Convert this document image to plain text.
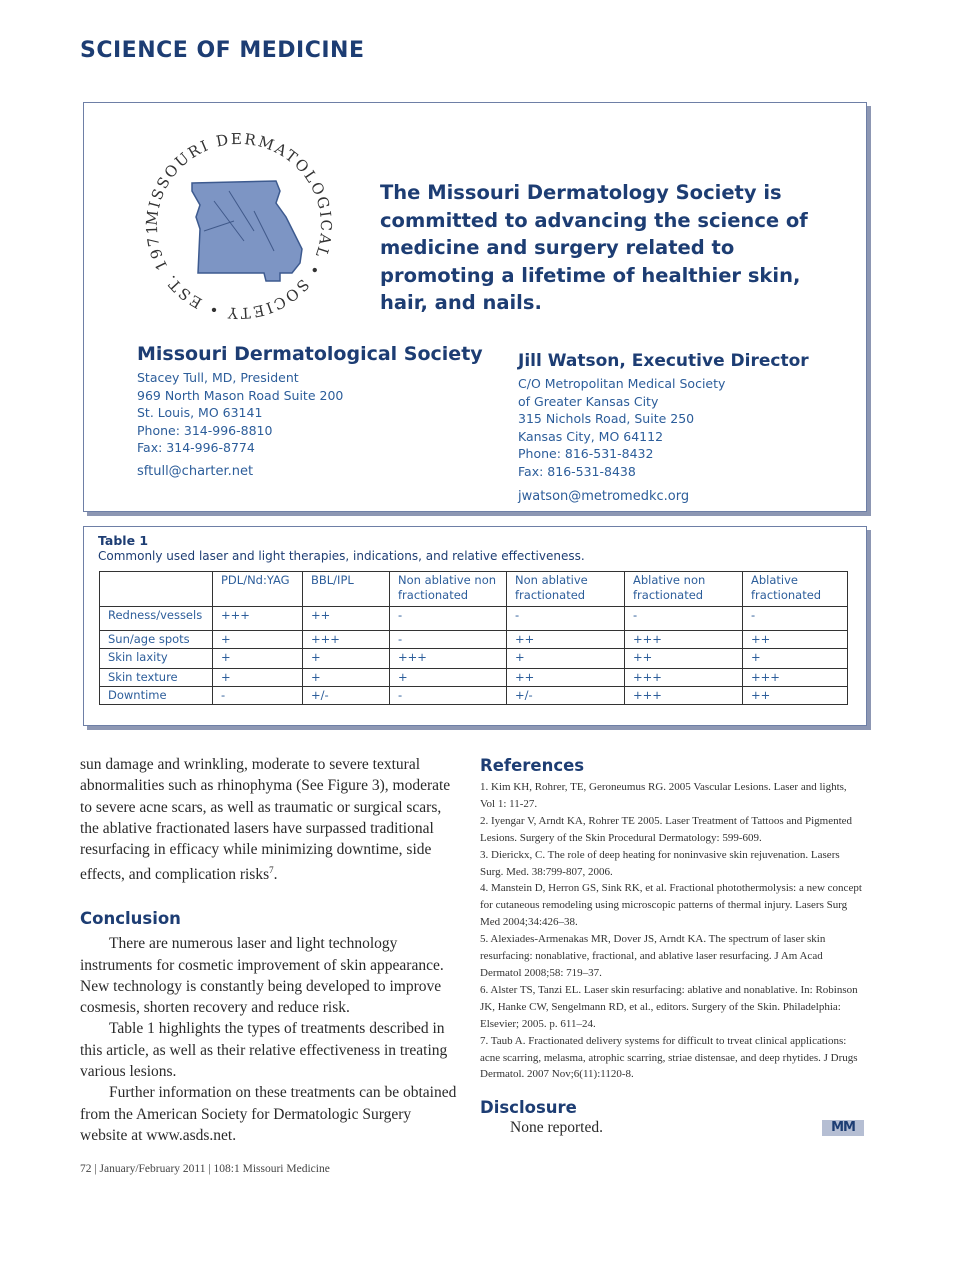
SCIENCE OF MEDICINE
MISSOURI DERMATOLOGICAL • SOCIETY • EST. 1971
The Missouri Dermatology Society is committed to advancing the science of medicine and surgery related to promoting a lifetime of healthier skin, hair, and nails.
Missouri Dermatological Society
Stacey Tull, MD, President
969 North Mason Road Suite 200
St. Louis, MO 63141
Phone: 314-996-8810
Fax: 314-996-8774
sftull@charter.net
Jill Watson, Executive Director
C/O Metropolitan Medical Society
of Greater Kansas City
315 Nichols Road, Suite 250
Kansas City, MO 64112
Phone: 816-531-8432
Fax: 816-531-8438
jwatson@metromedkc.org
Table 1
Commonly used laser and light therapies, indications, and relative effectiveness.
	PDL/Nd:YAG	BBL/IPL	Non ablative non fractionated	Non ablative fractionated	Ablative non fractionated	Ablative fractionated
Redness/vessels	+++	++	-	-	-	-
Sun/age spots	+	+++	-	++	+++	++
Skin laxity	+	+	+++	+	++	+
Skin texture	+	+	+	++	+++	+++
Downtime	-	+/-	-	+/-	+++	++

sun damage and wrinkling, moderate to severe textural abnormalities such as rhinophyma (See Figure 3), moderate to severe acne scars, as well as traumatic or surgical scars, the ablative fractionated lasers have surpassed traditional resurfacing in efficacy while minimizing downtime, side effects, and complication risks$^7$.

Conclusion

There are numerous laser and light technology instruments for cosmetic improvement of skin appearance. New technology is constantly being developed to improve cosmesis, shorten recovery and reduce risk.

Table 1 highlights the types of treatments described in this article, as well as their relative effectiveness in treating various lesions.

Further information on these treatments can be obtained from the American Society for Dermatologic Surgery website at www.asds.net.

References
1. Kim KH, Rohrer, TE, Geroneumus RG. 2005 Vascular Lesions. Laser and lights, Vol 1: 11-27.
2. Iyengar V, Arndt KA, Rohrer TE 2005. Laser Treatment of Tattoos and Pigmented Lesions. Surgery of the Skin Procedural Dermatology: 599-609.
3. Dierickx, C. The role of deep heating for noninvasive skin rejuvenation. Lasers Surg. Med. 38:799-807, 2006.
4. Manstein D, Herron GS, Sink RK, et al. Fractional photothermolysis: a new concept for cutaneous remodeling using microscopic patterns of thermal injury. Lasers Surg Med 2004;34:426–38.
5. Alexiades-Armenakas MR, Dover JS, Arndt KA. The spectrum of laser skin resurfacing: nonablative, fractional, and ablative laser resurfacing. J Am Acad Dermatol 2008;58: 719–37.
6. Alster TS, Tanzi EL. Laser skin resurfacing: ablative and nonablative. In: Robinson JK, Hanke CW, Sengelmann RD, et al., editors. Surgery of the Skin. Philadelphia: Elsevier; 2005. p. 611–24.
7. Taub A. Fractionated delivery systems for difficult to trveat clinical applications: acne scarring, melasma, atrophic scarring, striae distensae, and deep rhytides. J Drugs Dermatol. 2007 Nov;6(11):1120-8.
Disclosure
None reported.	MM
72 | January/February 2011 | 108:1 Missouri Medicine
